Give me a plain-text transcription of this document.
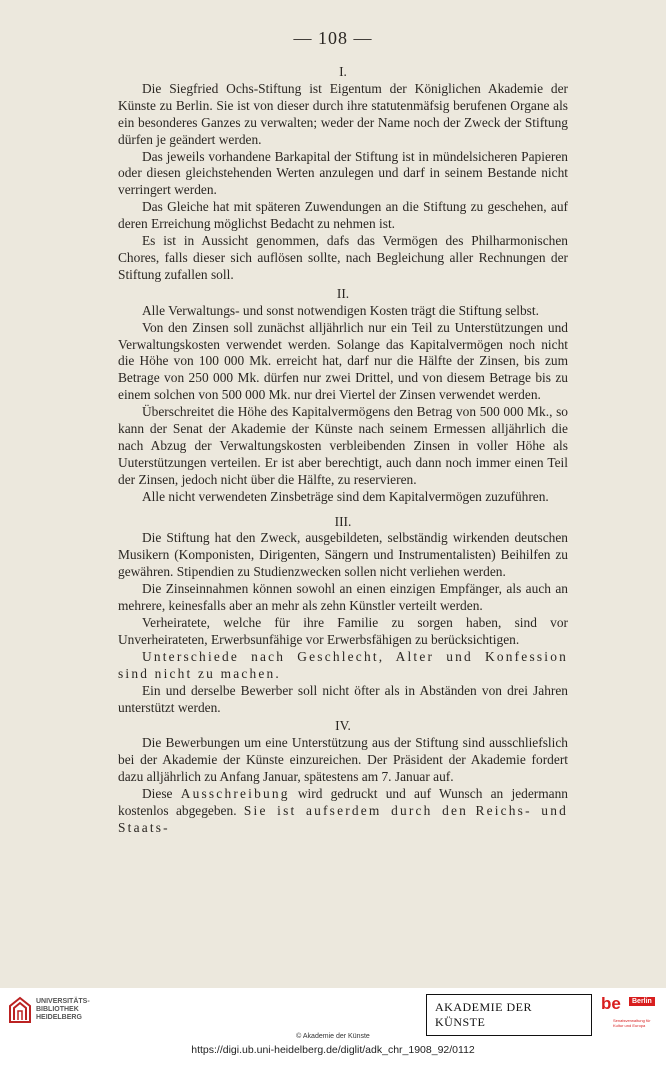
— 108 —
I.

Die Siegfried Ochs-Stiftung ist Eigentum der Königlichen Akademie der Künste zu Berlin. Sie ist von dieser durch ihre statutenmäfsig berufenen Organe als ein besonderes Ganzes zu verwalten; weder der Name noch der Zweck der Stiftung dürfen je geändert werden.

Das jeweils vorhandene Barkapital der Stiftung ist in mündelsicheren Papieren oder diesen gleichstehenden Werten anzulegen und darf in seinem Bestande nicht verringert werden.

Das Gleiche hat mit späteren Zuwendungen an die Stiftung zu geschehen, auf deren Erreichung möglichst Bedacht zu nehmen ist.

Es ist in Aussicht genommen, dafs das Vermögen des Philharmonischen Chores, falls dieser sich auflösen sollte, nach Begleichung aller Rechnungen der Stiftung zufallen soll.

II.

Alle Verwaltungs- und sonst notwendigen Kosten trägt die Stiftung selbst.

Von den Zinsen soll zunächst alljährlich nur ein Teil zu Unterstützungen und Verwaltungskosten verwendet werden. Solange das Kapitalvermögen noch nicht die Höhe von 100 000 Mk. erreicht hat, darf nur die Hälfte der Zinsen, bis zum Betrage von 250 000 Mk. dürfen nur zwei Drittel, und von diesem Betrage bis zu einem solchen von 500 000 Mk. nur drei Viertel der Zinsen verwendet werden.

Überschreitet die Höhe des Kapitalvermögens den Betrag von 500 000 Mk., so kann der Senat der Akademie der Künste nach seinem Ermessen alljährlich die nach Abzug der Verwaltungskosten verbleibenden Zinsen in voller Höhe als Uuterstützungen verteilen. Er ist aber berechtigt, auch dann noch immer einen Teil der Zinsen, jedoch nicht über die Hälfte, zu reservieren.

Alle nicht verwendeten Zinsbeträge sind dem Kapitalvermögen zuzuführen.

III.

Die Stiftung hat den Zweck, ausgebildeten, selbständig wirkenden deutschen Musikern (Komponisten, Dirigenten, Sängern und Instrumentalisten) Beihilfen zu gewähren. Stipendien zu Studienzwecken sollen nicht verliehen werden.

Die Zinseinnahmen können sowohl an einen einzigen Empfänger, als auch an mehrere, keinesfalls aber an mehr als zehn Künstler verteilt werden.

Verheiratete, welche für ihre Familie zu sorgen haben, sind vor Unverheirateten, Erwerbsunfähige vor Erwerbsfähigen zu berücksichtigen.

Unterschiede nach Geschlecht, Alter und Konfession sind nicht zu machen.

Ein und derselbe Bewerber soll nicht öfter als in Abständen von drei Jahren unterstützt werden.

IV.

Die Bewerbungen um eine Unterstützung aus der Stiftung sind ausschliefslich bei der Akademie der Künste einzureichen. Der Präsident der Akademie fordert dazu alljährlich zu Anfang Januar, spätestens am 7. Januar auf.

Diese Ausschreibung wird gedruckt und auf Wunsch an jedermann kostenlos abgegeben. Sie ist aufserdem durch den Reichs- und Staats-

UNIVERSITÄTS-
BIBLIOTHEK
HEIDELBERG
AKADEMIE DER KÜNSTE
be	Berlin
Senatsverwaltung für Kultur und Europa
© Akademie der Künste
https://digi.ub.uni-heidelberg.de/diglit/adk_chr_1908_92/0112
